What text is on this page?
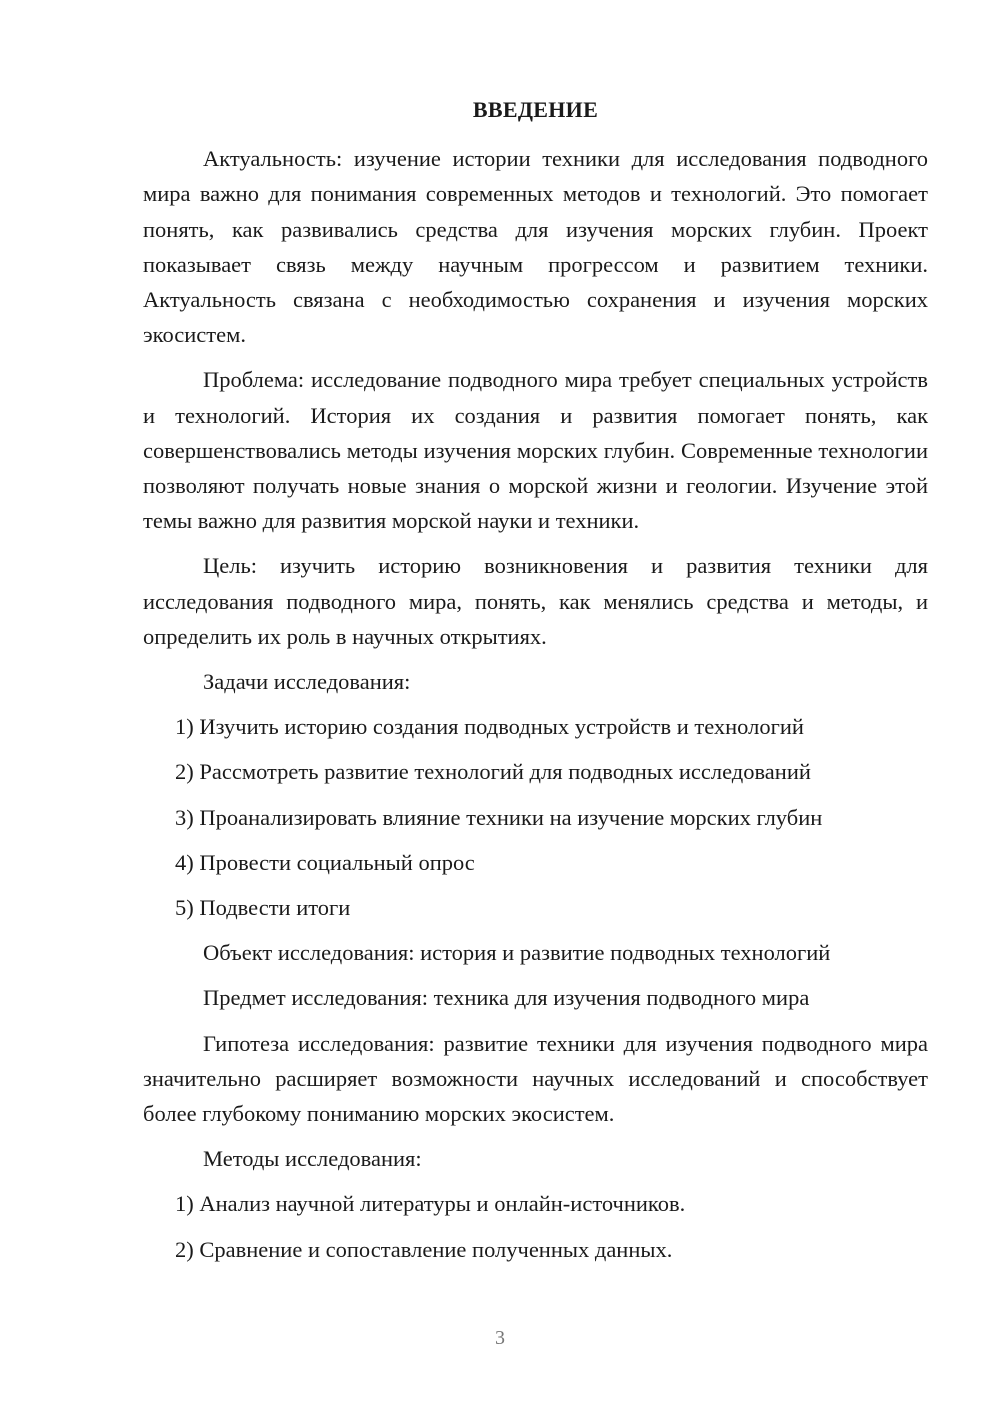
ВВЕДЕНИЕ

Актуальность: изучение истории техники для исследования подводного мира важно для понимания современных методов и технологий. Это помогает понять, как развивались средства для изучения морских глубин. Проект показывает связь между научным прогрессом и развитием техники. Актуальность связана с необходимостью сохранения и изучения морских экосистем.

Проблема: исследование подводного мира требует специальных устройств и технологий. История их создания и развития помогает понять, как совершенствовались методы изучения морских глубин. Современные технологии позволяют получать новые знания о морской жизни и геологии. Изучение этой темы важно для развития морской науки и техники.

Цель: изучить историю возникновения и развития техники для исследования подводного мира, понять, как менялись средства и методы, и определить их роль в научных открытиях.

Задачи исследования:

1) Изучить историю создания подводных устройств и технологий

2) Рассмотреть развитие технологий для подводных исследований

3) Проанализировать влияние техники на изучение морских глубин

4) Провести социальный опрос

5) Подвести итоги

Объект исследования: история и развитие подводных технологий

Предмет исследования: техника для изучения подводного мира

Гипотеза исследования: развитие техники для изучения подводного мира значительно расширяет возможности научных исследований и способствует более глубокому пониманию морских экосистем.

Методы исследования:

1) Анализ научной литературы и онлайн-источников.

2) Сравнение и сопоставление полученных данных.

3
